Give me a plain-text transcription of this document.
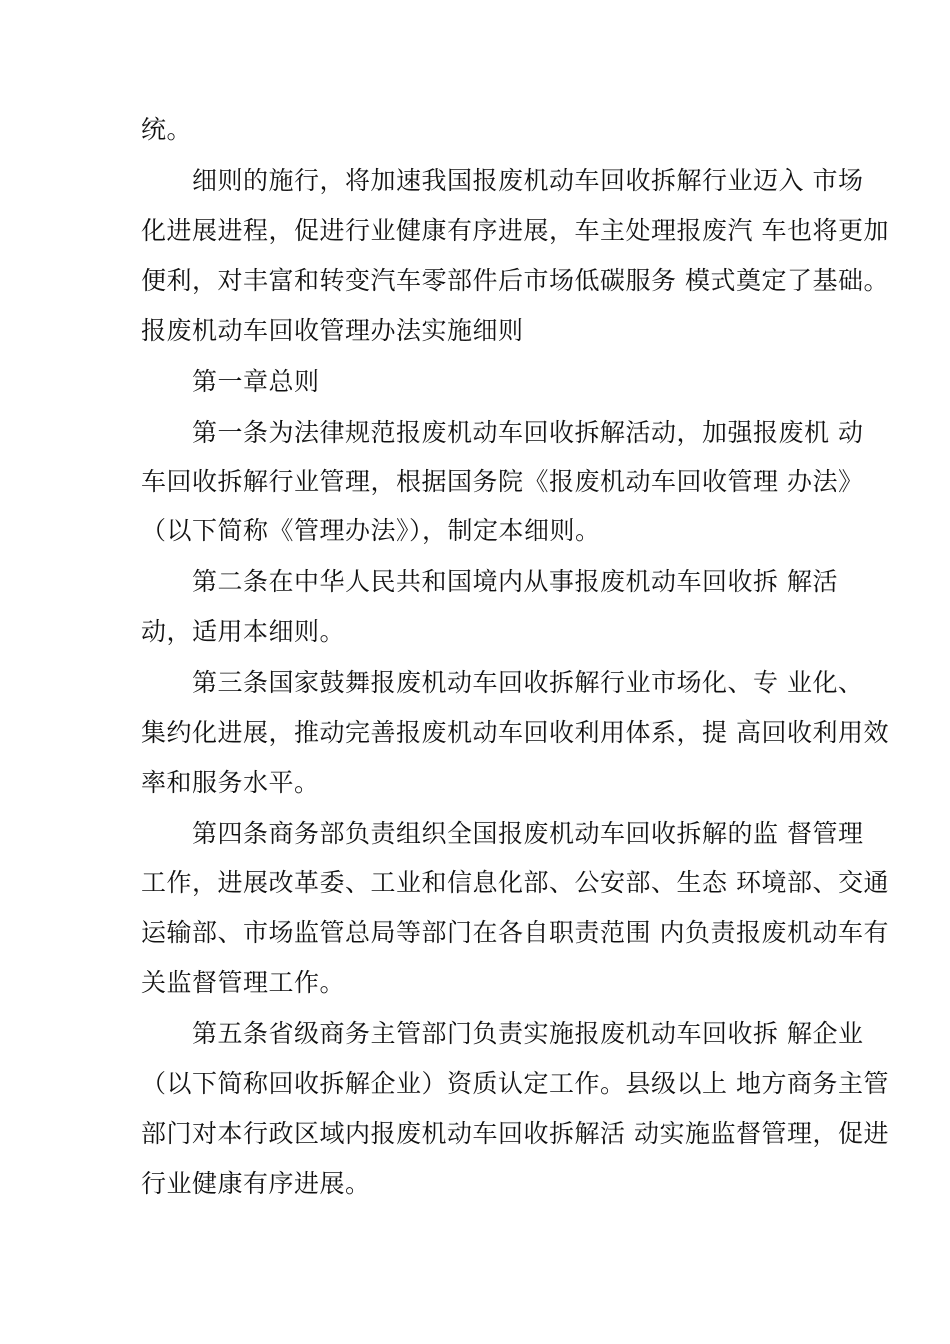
统。
细则的施行，将加速我国报废机动车回收拆解行业迈入 市场
化进展进程，促进行业健康有序进展，车主处理报废汽 车也将更加
便利，对丰富和转变汽车零部件后市场低碳服务 模式奠定了基础。
报废机动车回收管理办法实施细则
第一章总则
第一条为法律规范报废机动车回收拆解活动，加强报废机 动
车回收拆解行业管理，根据国务院《报废机动车回收管理 办法》
（以下简称《管理办法》），制定本细则。
第二条在中华人民共和国境内从事报废机动车回收拆 解活
动，适用本细则。
第三条国家鼓舞报废机动车回收拆解行业市场化、专 业化、
集约化进展，推动完善报废机动车回收利用体系，提 高回收利用效
率和服务水平。
第四条商务部负责组织全国报废机动车回收拆解的监 督管理
工作，进展改革委、工业和信息化部、公安部、生态 环境部、交通
运输部、市场监管总局等部门在各自职责范围 内负责报废机动车有
关监督管理工作。
第五条省级商务主管部门负责实施报废机动车回收拆 解企业
（以下简称回收拆解企业）资质认定工作。县级以上 地方商务主管
部门对本行政区域内报废机动车回收拆解活 动实施监督管理，促进
行业健康有序进展。
